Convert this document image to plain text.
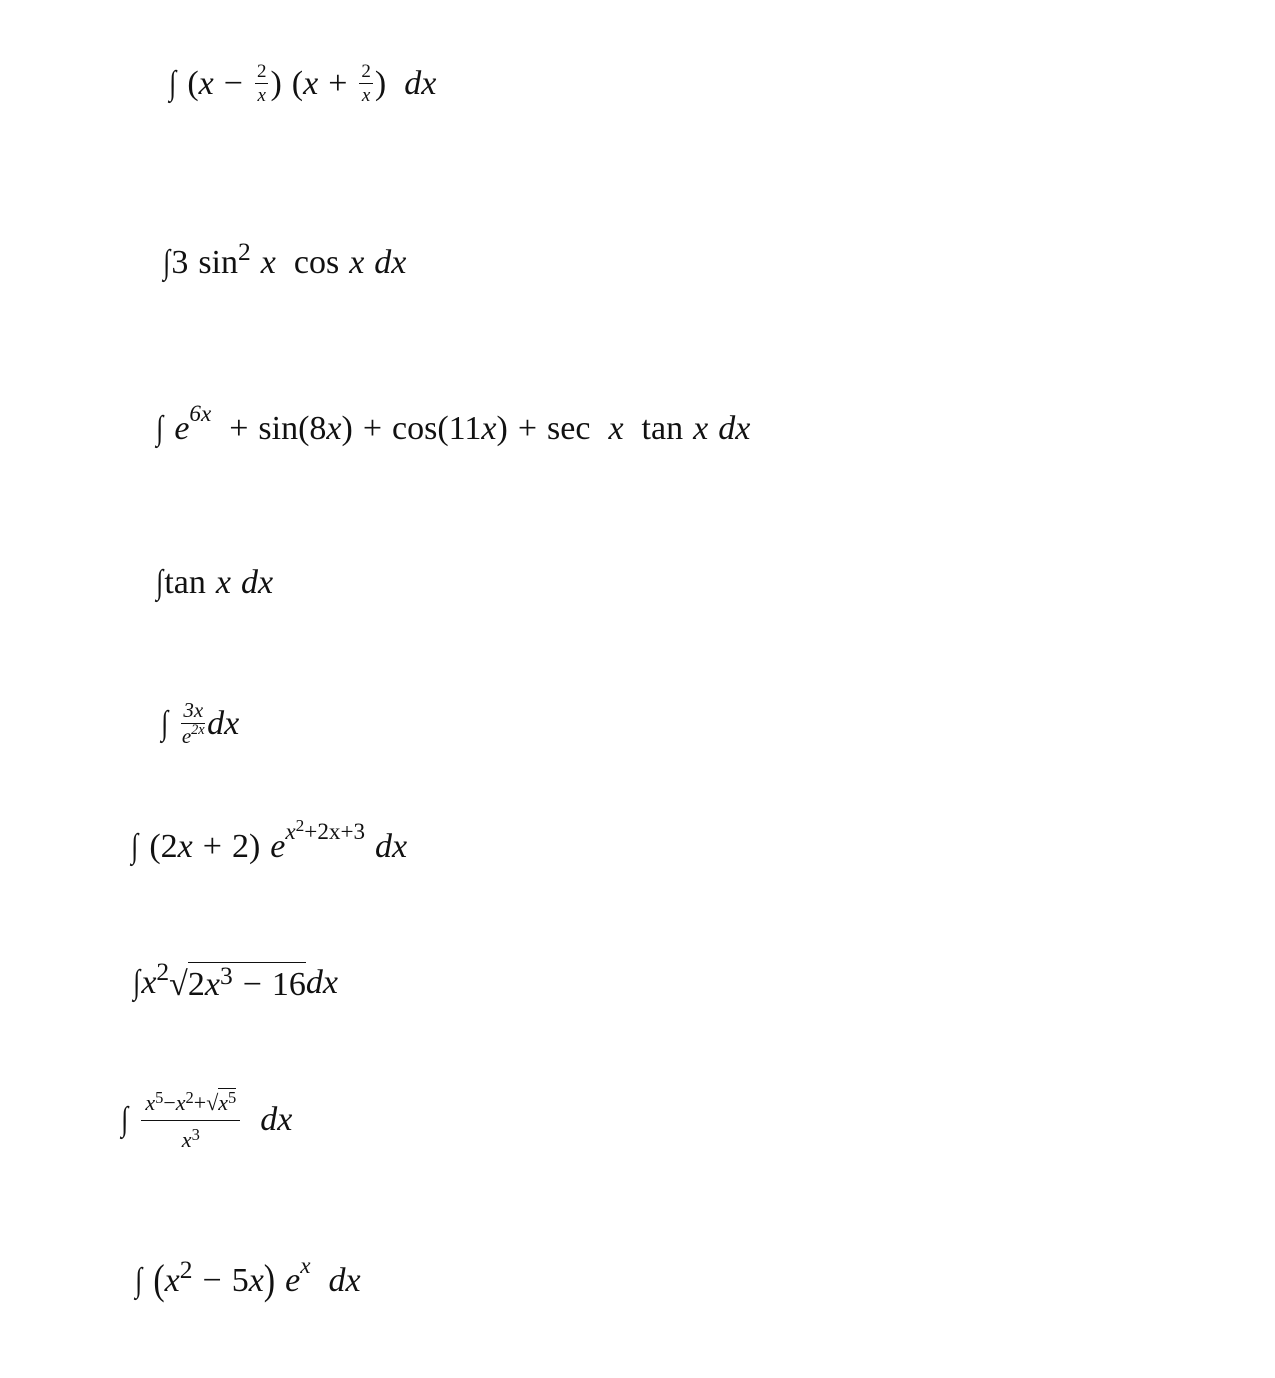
∫ ( $x - \frac{2}{x}$ ) ( $x + \frac{2}{x}$ ) dx
∫ 3 sin 2 x cos x dx
∫ e 6x + sin(8 x ) + cos(11 x ) + sec x tan x dx
∫ tan x dx
∫ $\frac{3x}{e^{2x}}$ dx
∫ (2 x + 2) e $x^2+2x+3$ dx
∫ x 2 √ $2x^3 - 16$ dx
∫ $\frac{x^5-x^2+ √ x^5}{x^3}$ dx
∫ ( x 2 − 5 x ) e x dx
